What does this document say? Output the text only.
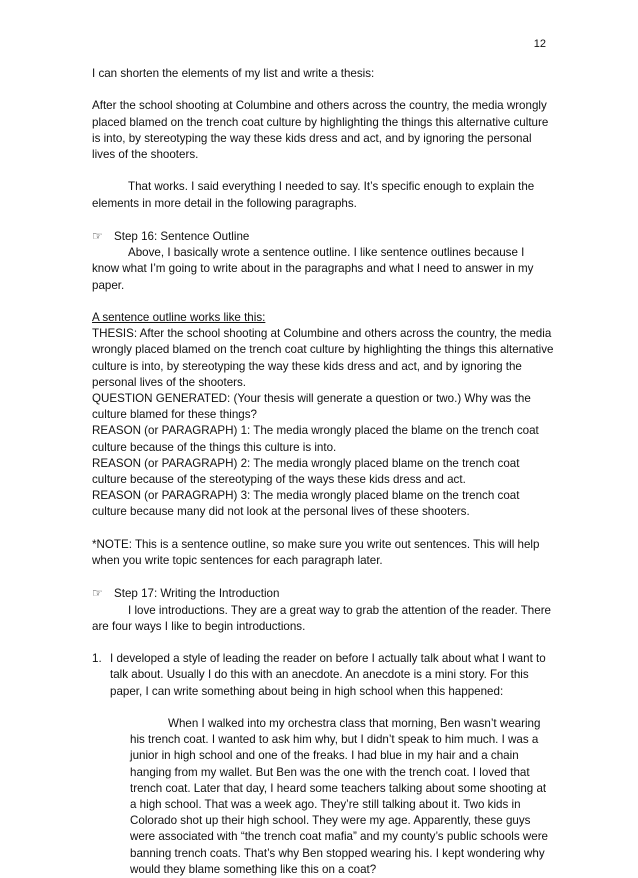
12

I can shorten the elements of my list and write a thesis:

After the school shooting at Columbine and others across the country, the media wrongly placed blamed on the trench coat culture by highlighting the things this alternative culture is into, by stereotyping the way these kids dress and act, and by ignoring the personal lives of the shooters.

That works. I said everything I needed to say. It’s specific enough to explain the elements in more detail in the following paragraphs.

☞ Step 16: Sentence Outline

Above, I basically wrote a sentence outline. I like sentence outlines because I know what I’m going to write about in the paragraphs and what I need to answer in my paper.

A sentence outline works like this:

THESIS: After the school shooting at Columbine and others across the country, the media wrongly placed blamed on the trench coat culture by highlighting the things this alternative culture is into, by stereotyping the way these kids dress and act, and by ignoring the personal lives of the shooters.

QUESTION GENERATED: (Your thesis will generate a question or two.) Why was the culture blamed for these things?

REASON (or PARAGRAPH) 1: The media wrongly placed the blame on the trench coat culture because of the things this culture is into.

REASON (or PARAGRAPH) 2: The media wrongly placed blame on the trench coat culture because of the stereotyping of the ways these kids dress and act.

REASON (or PARAGRAPH) 3: The media wrongly placed blame on the trench coat culture because many did not look at the personal lives of these shooters.

*NOTE: This is a sentence outline, so make sure you write out sentences. This will help when you write topic sentences for each paragraph later.

☞ Step 17: Writing the Introduction

I love introductions. They are a great way to grab the attention of the reader. There are four ways I like to begin introductions.

1. I developed a style of leading the reader on before I actually talk about what I want to talk about. Usually I do this with an anecdote. An anecdote is a mini story. For this paper, I can write something about being in high school when this happened:

When I walked into my orchestra class that morning, Ben wasn’t wearing his trench coat. I wanted to ask him why, but I didn’t speak to him much. I was a junior in high school and one of the freaks. I had blue in my hair and a chain hanging from my wallet. But Ben was the one with the trench coat. I loved that trench coat. Later that day, I heard some teachers talking about some shooting at a high school. That was a week ago. They’re still talking about it. Two kids in Colorado shot up their high school. They were my age. Apparently, these guys were associated with “the trench coat mafia” and my county’s public schools were banning trench coats. That’s why Ben stopped wearing his. I kept wondering why would they blame something like this on a coat?
